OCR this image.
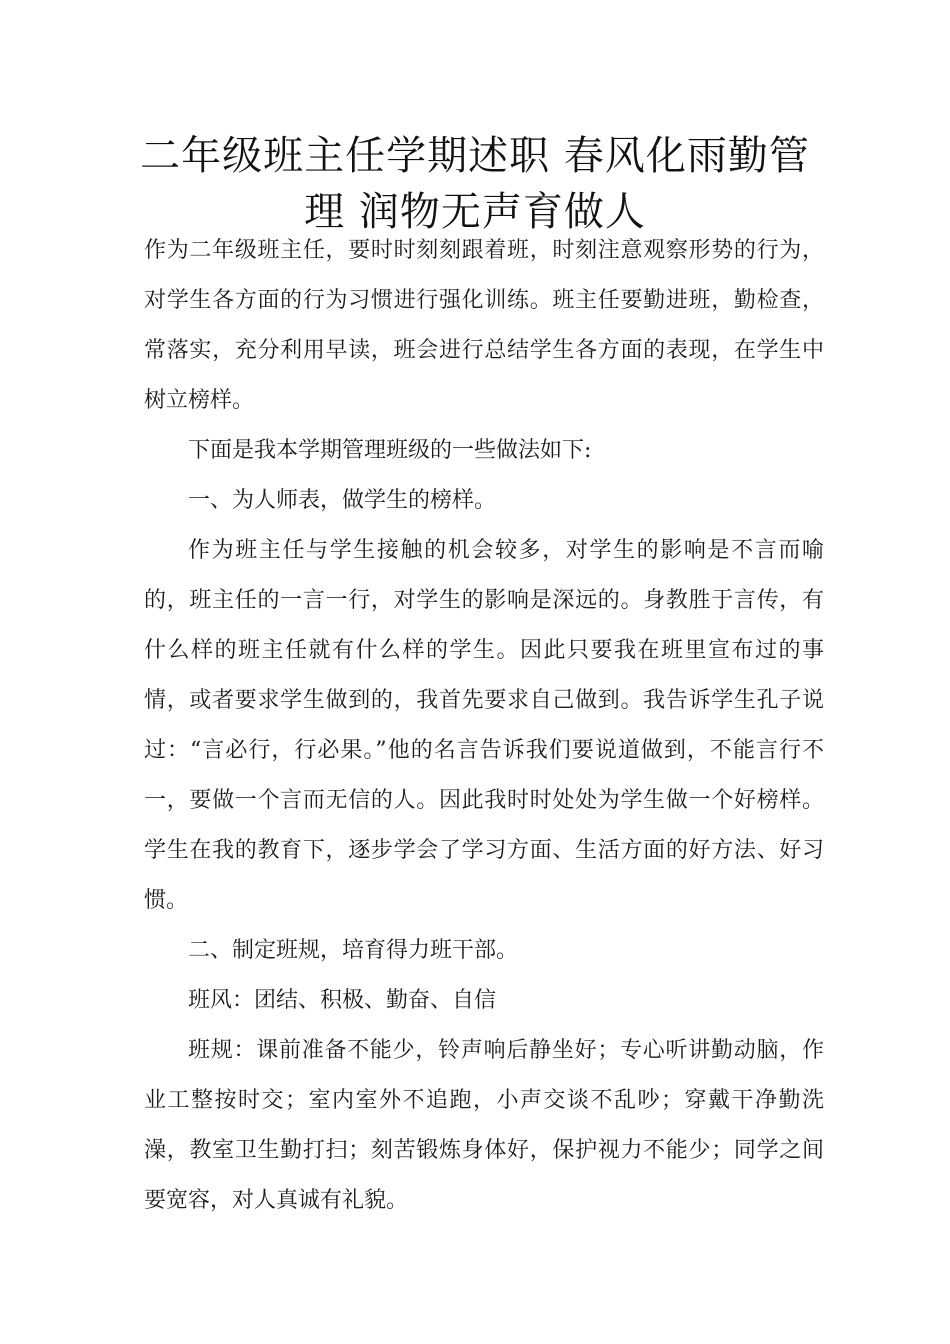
二年级班主任学期述职 春风化雨勤管
理 润物无声育做人

作为二年级班主任，要时时刻刻跟着班，时刻注意观察形势的行为，对学生各方面的行为习惯进行强化训练。班主任要勤进班，勤检查，常落实，充分利用早读，班会进行总结学生各方面的表现，在学生中树立榜样。

下面是我本学期管理班级的一些做法如下:

一、为人师表，做学生的榜样。

作为班主任与学生接触的机会较多，对学生的影响是不言而喻的，班主任的一言一行，对学生的影响是深远的。身教胜于言传，有什么样的班主任就有什么样的学生。因此只要我在班里宣布过的事情，或者要求学生做到的，我首先要求自己做到。我告诉学生孔子说过：“言必行，行必果。”他的名言告诉我们要说道做到，不能言行不一，要做一个言而无信的人。因此我时时处处为学生做一个好榜样。学生在我的教育下，逐步学会了学习方面、生活方面的好方法、好习惯。

二、制定班规，培育得力班干部。

班风：团结、积极、勤奋、自信

班规：课前准备不能少，铃声响后静坐好；专心听讲勤动脑，作业工整按时交；室内室外不追跑，小声交谈不乱吵；穿戴干净勤洗澡，教室卫生勤打扫；刻苦锻炼身体好，保护视力不能少；同学之间要宽容，对人真诚有礼貌。
